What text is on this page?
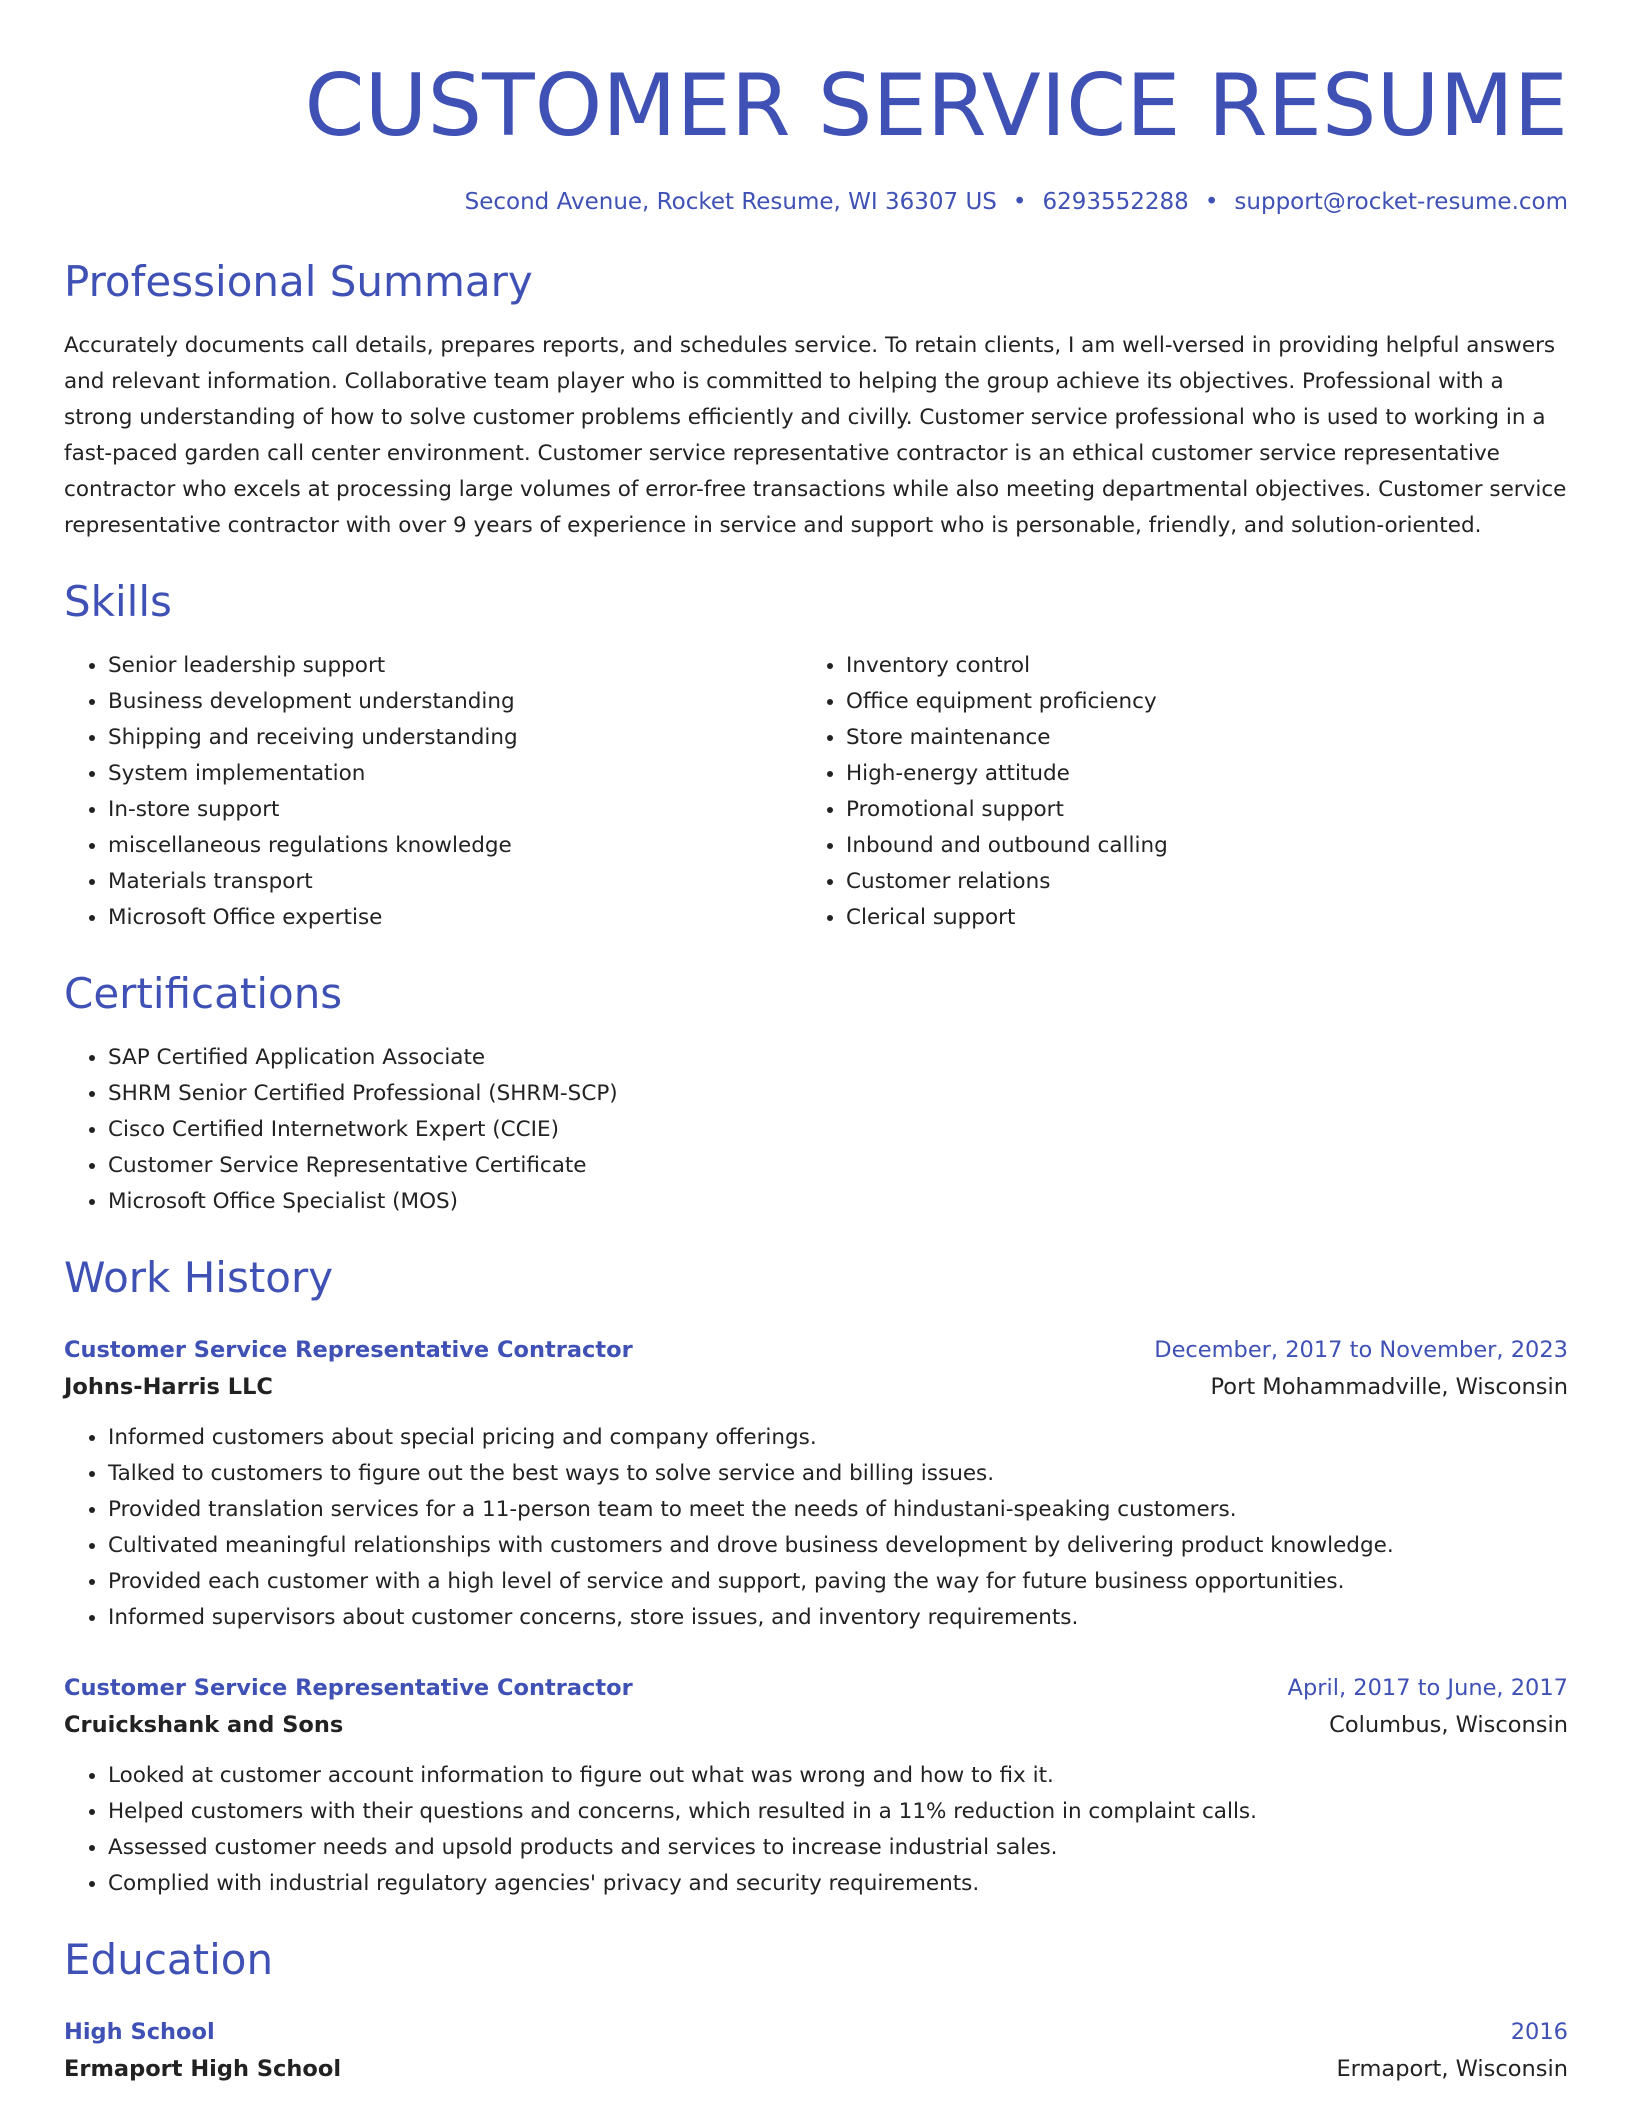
CUSTOMER SERVICE RESUME
Second Avenue, Rocket Resume, WI 36307 US • 6293552288 • support@rocket-resume.com
Professional Summary

Accurately documents call details, prepares reports, and schedules service. To retain clients, I am well-versed in providing helpful answers and relevant information. Collaborative team player who is committed to helping the group achieve its objectives. Professional with a strong understanding of how to solve customer problems efficiently and civilly. Customer service professional who is used to working in a fast-paced garden call center environment. Customer service representative contractor is an ethical customer service representative contractor who excels at processing large volumes of error-free transactions while also meeting departmental objectives. Customer service representative contractor with over 9 years of experience in service and support who is personable, friendly, and solution-oriented.

Skills
• Senior leadership support
• Business development understanding
• Shipping and receiving understanding
• System implementation
• In-store support
• miscellaneous regulations knowledge
• Materials transport
• Microsoft Office expertise
• Inventory control
• Office equipment proficiency
• Store maintenance
• High-energy attitude
• Promotional support
• Inbound and outbound calling
• Customer relations
• Clerical support
Certifications
• SAP Certified Application Associate
• SHRM Senior Certified Professional (SHRM-SCP)
• Cisco Certified Internetwork Expert (CCIE)
• Customer Service Representative Certificate
• Microsoft Office Specialist (MOS)
Work History
Customer Service Representative Contractor	December, 2017 to November, 2023
Johns-Harris LLC	Port Mohammadville, Wisconsin
• Informed customers about special pricing and company offerings.
• Talked to customers to figure out the best ways to solve service and billing issues.
• Provided translation services for a 11-person team to meet the needs of hindustani-speaking customers.
• Cultivated meaningful relationships with customers and drove business development by delivering product knowledge.
• Provided each customer with a high level of service and support, paving the way for future business opportunities.
• Informed supervisors about customer concerns, store issues, and inventory requirements.
Customer Service Representative Contractor	April, 2017 to June, 2017
Cruickshank and Sons	Columbus, Wisconsin
• Looked at customer account information to figure out what was wrong and how to fix it.
• Helped customers with their questions and concerns, which resulted in a 11% reduction in complaint calls.
• Assessed customer needs and upsold products and services to increase industrial sales.
• Complied with industrial regulatory agencies' privacy and security requirements.
Education
High School	2016
Ermaport High School	Ermaport, Wisconsin
